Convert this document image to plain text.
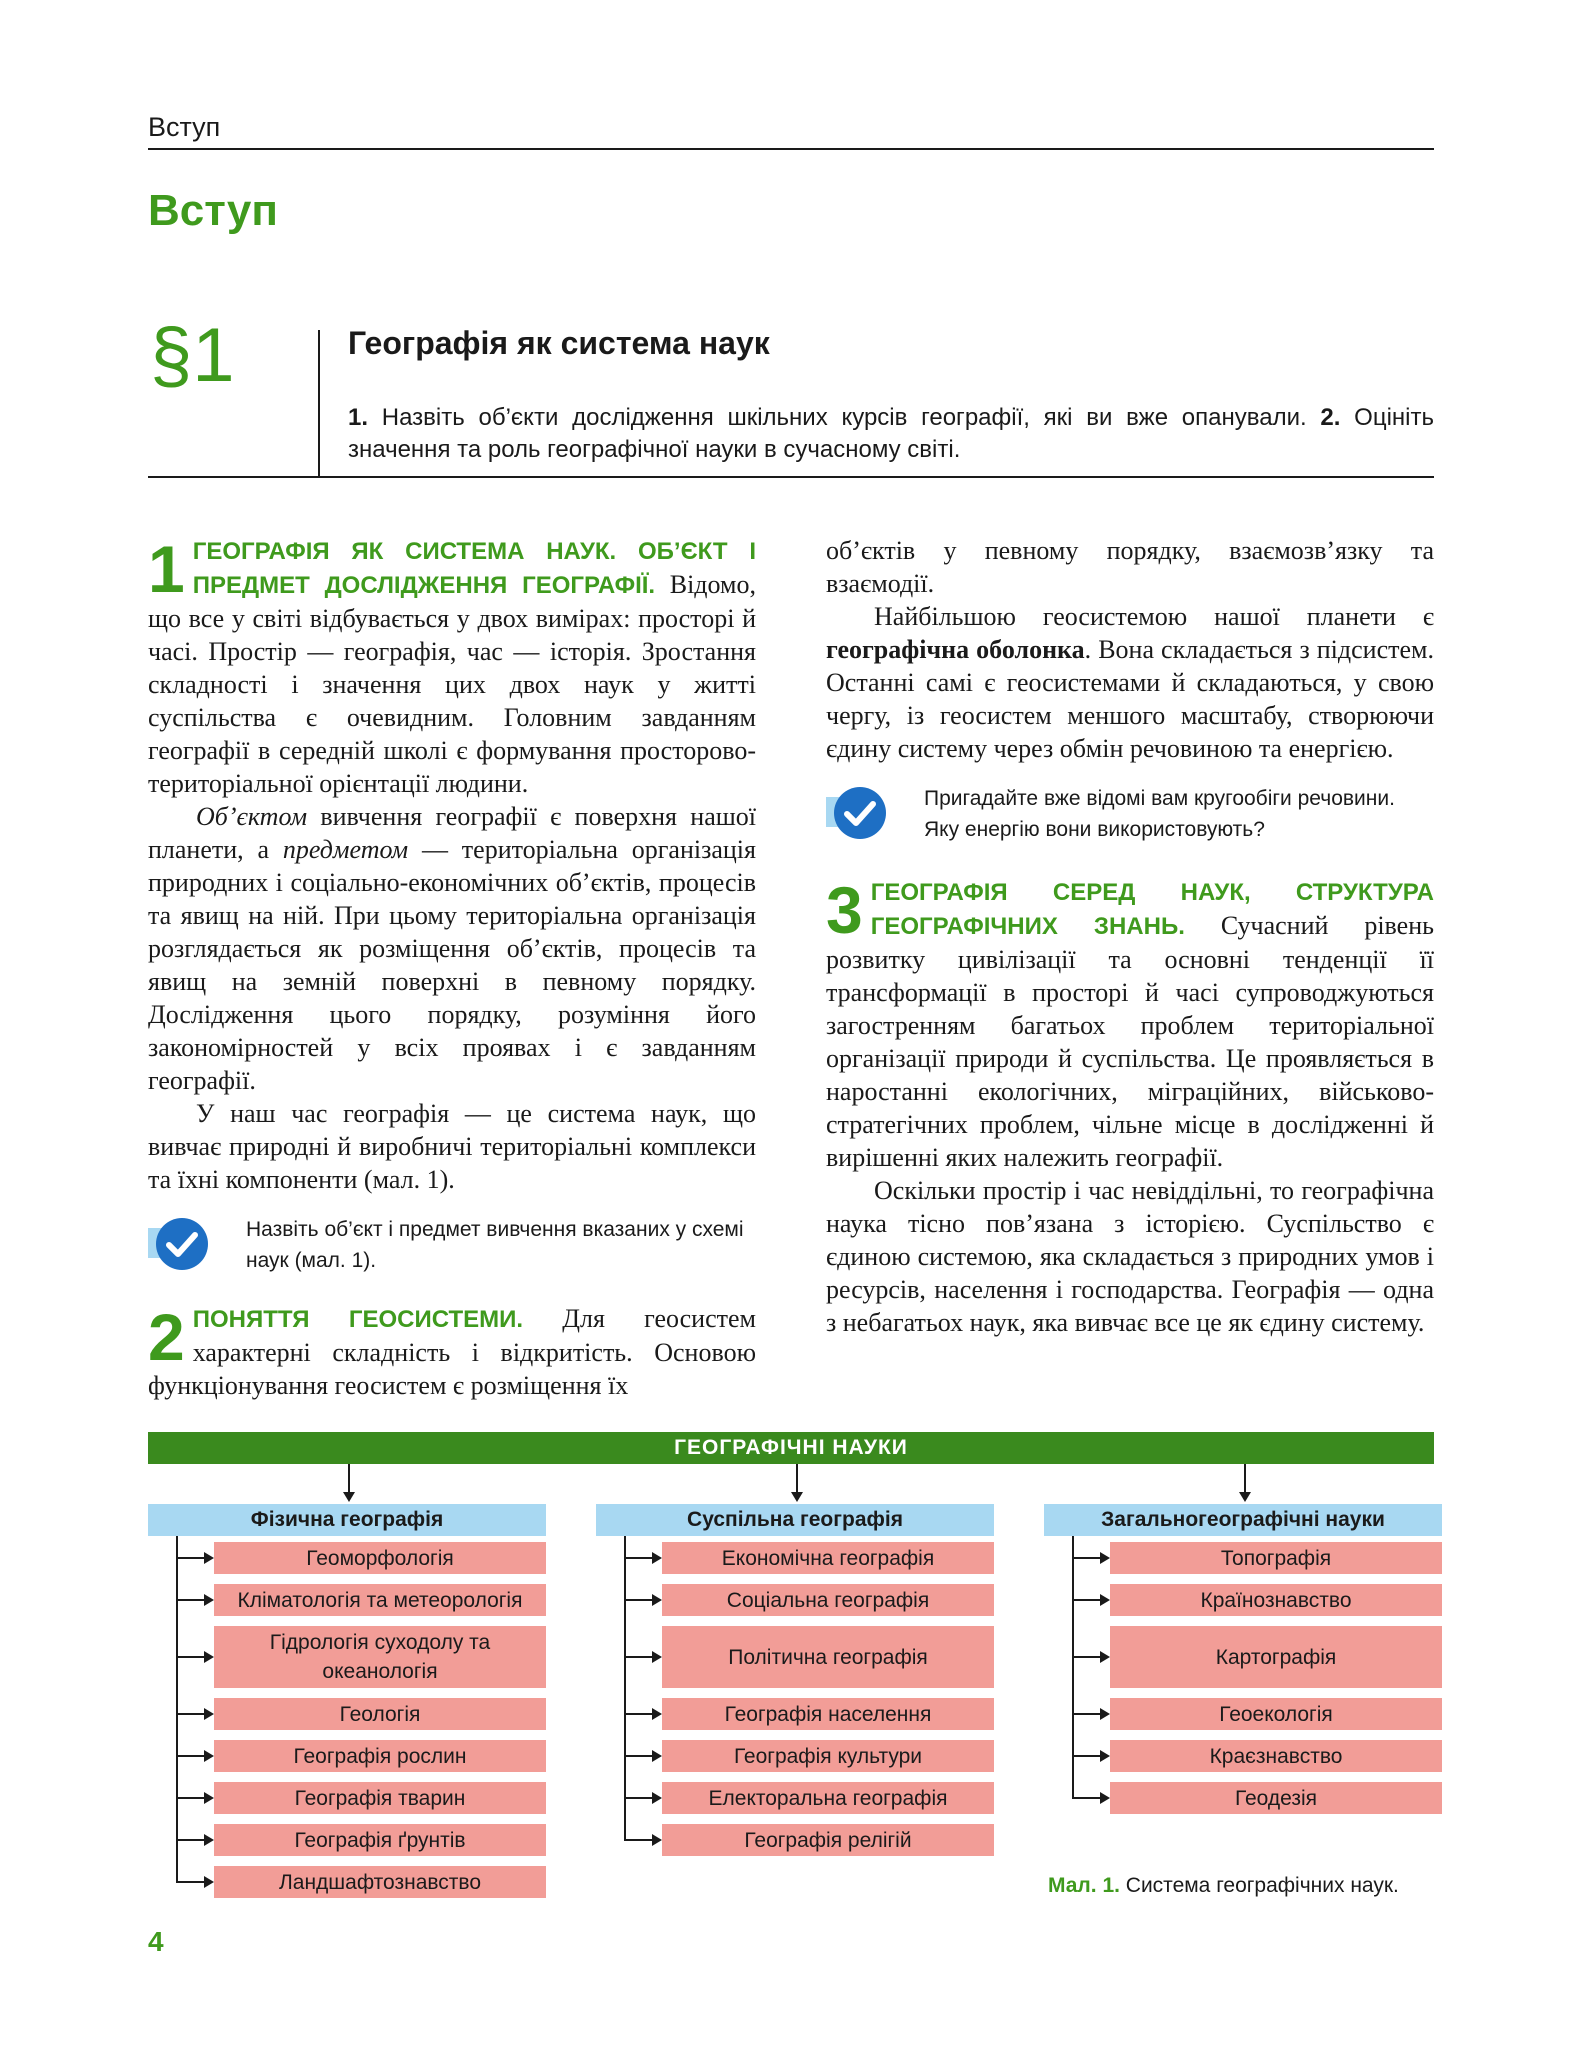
Вступ
Вступ
§1	Географія як система наук
1. Назвіть об’єкти дослідження шкільних курсів географії, які ви вже опанували. 2. Оцініть значення та роль географічної науки в сучасному світі.

1 ГЕОГРАФІЯ ЯК СИСТЕМА НАУК. ОБ’ЄКТ І ПРЕДМЕТ ДОСЛІДЖЕННЯ ГЕОГРАФІЇ. Відомо, що все у світі відбувається у двох вимірах: просторі й часі. Простір — географія, час — історія. Зростання складності і значення цих двох наук у житті суспільства є очевидним. Головним завданням географії в середній школі є формування просторово-територіальної орієнтації людини.

Об’єктом вивчення географії є поверхня нашої планети, а предметом — територіальна організація природних і соціально-економічних об’єктів, процесів та явищ на ній. При цьому територіальна організація розглядається як розміщення об’єктів, процесів та явищ на земній поверхні в певному порядку. Дослідження цього порядку, розуміння його закономірностей у всіх проявах і є завданням географії.

У наш час географія — це система наук, що вивчає природні й виробничі територіальні комплекси та їхні компоненти (мал. 1).

Назвіть об’єкт і предмет вивчення вказаних у схемі наук (мал. 1).

2 ПОНЯТТЯ ГЕОСИСТЕМИ. Для геосистем характерні складність і відкритість. Основою функціонування геосистем є розміщення їх

об’єктів у певному порядку, взаємозв’язку та взаємодії.

Найбільшою геосистемою нашої планети є географічна оболонка. Вона складається з підсистем. Останні самі є геосистемами й складаються, у свою чергу, із геосистем меншого масштабу, створюючи єдину систему через обмін речовиною та енергією.

Пригадайте вже відомі вам кругообіги речовини. Яку енергію вони використовують?

3 ГЕОГРАФІЯ СЕРЕД НАУК, СТРУКТУРА ГЕОГРАФІЧНИХ ЗНАНЬ. Сучасний рівень розвитку цивілізації та основні тенденції її трансформації в просторі й часі супроводжуються загостренням багатьох проблем територіальної організації природи й суспільства. Це проявляється в наростанні екологічних, міграційних, військово-стратегічних проблем, чільне місце в дослідженні й вирішенні яких належить географії.

Оскільки простір і час невіддільні, то географічна наука тісно пов’язана з історією. Суспільство є єдиною системою, яка складається з природних умов і ресурсів, населення і господарства. Географія — одна з небагатьох наук, яка вивчає все це як єдину систему.

ГЕОГРАФІЧНІ НАУКИ
Фізична географія
Геоморфологія
Кліматологія та метеорологія
Гідрологія суходолу та океанологія
Геологія
Географія рослин
Географія тварин
Географія ґрунтів
Ландшафтознавство
Суспільна географія
Економічна географія
Соціальна географія
Політична географія
Географія населення
Географія культури
Електоральна географія
Географія релігій
Загальногеографічні науки
Топографія
Країнознавство
Картографія
Геоекологія
Краєзнавство
Геодезія
Мал. 1. Система географічних наук.
4
